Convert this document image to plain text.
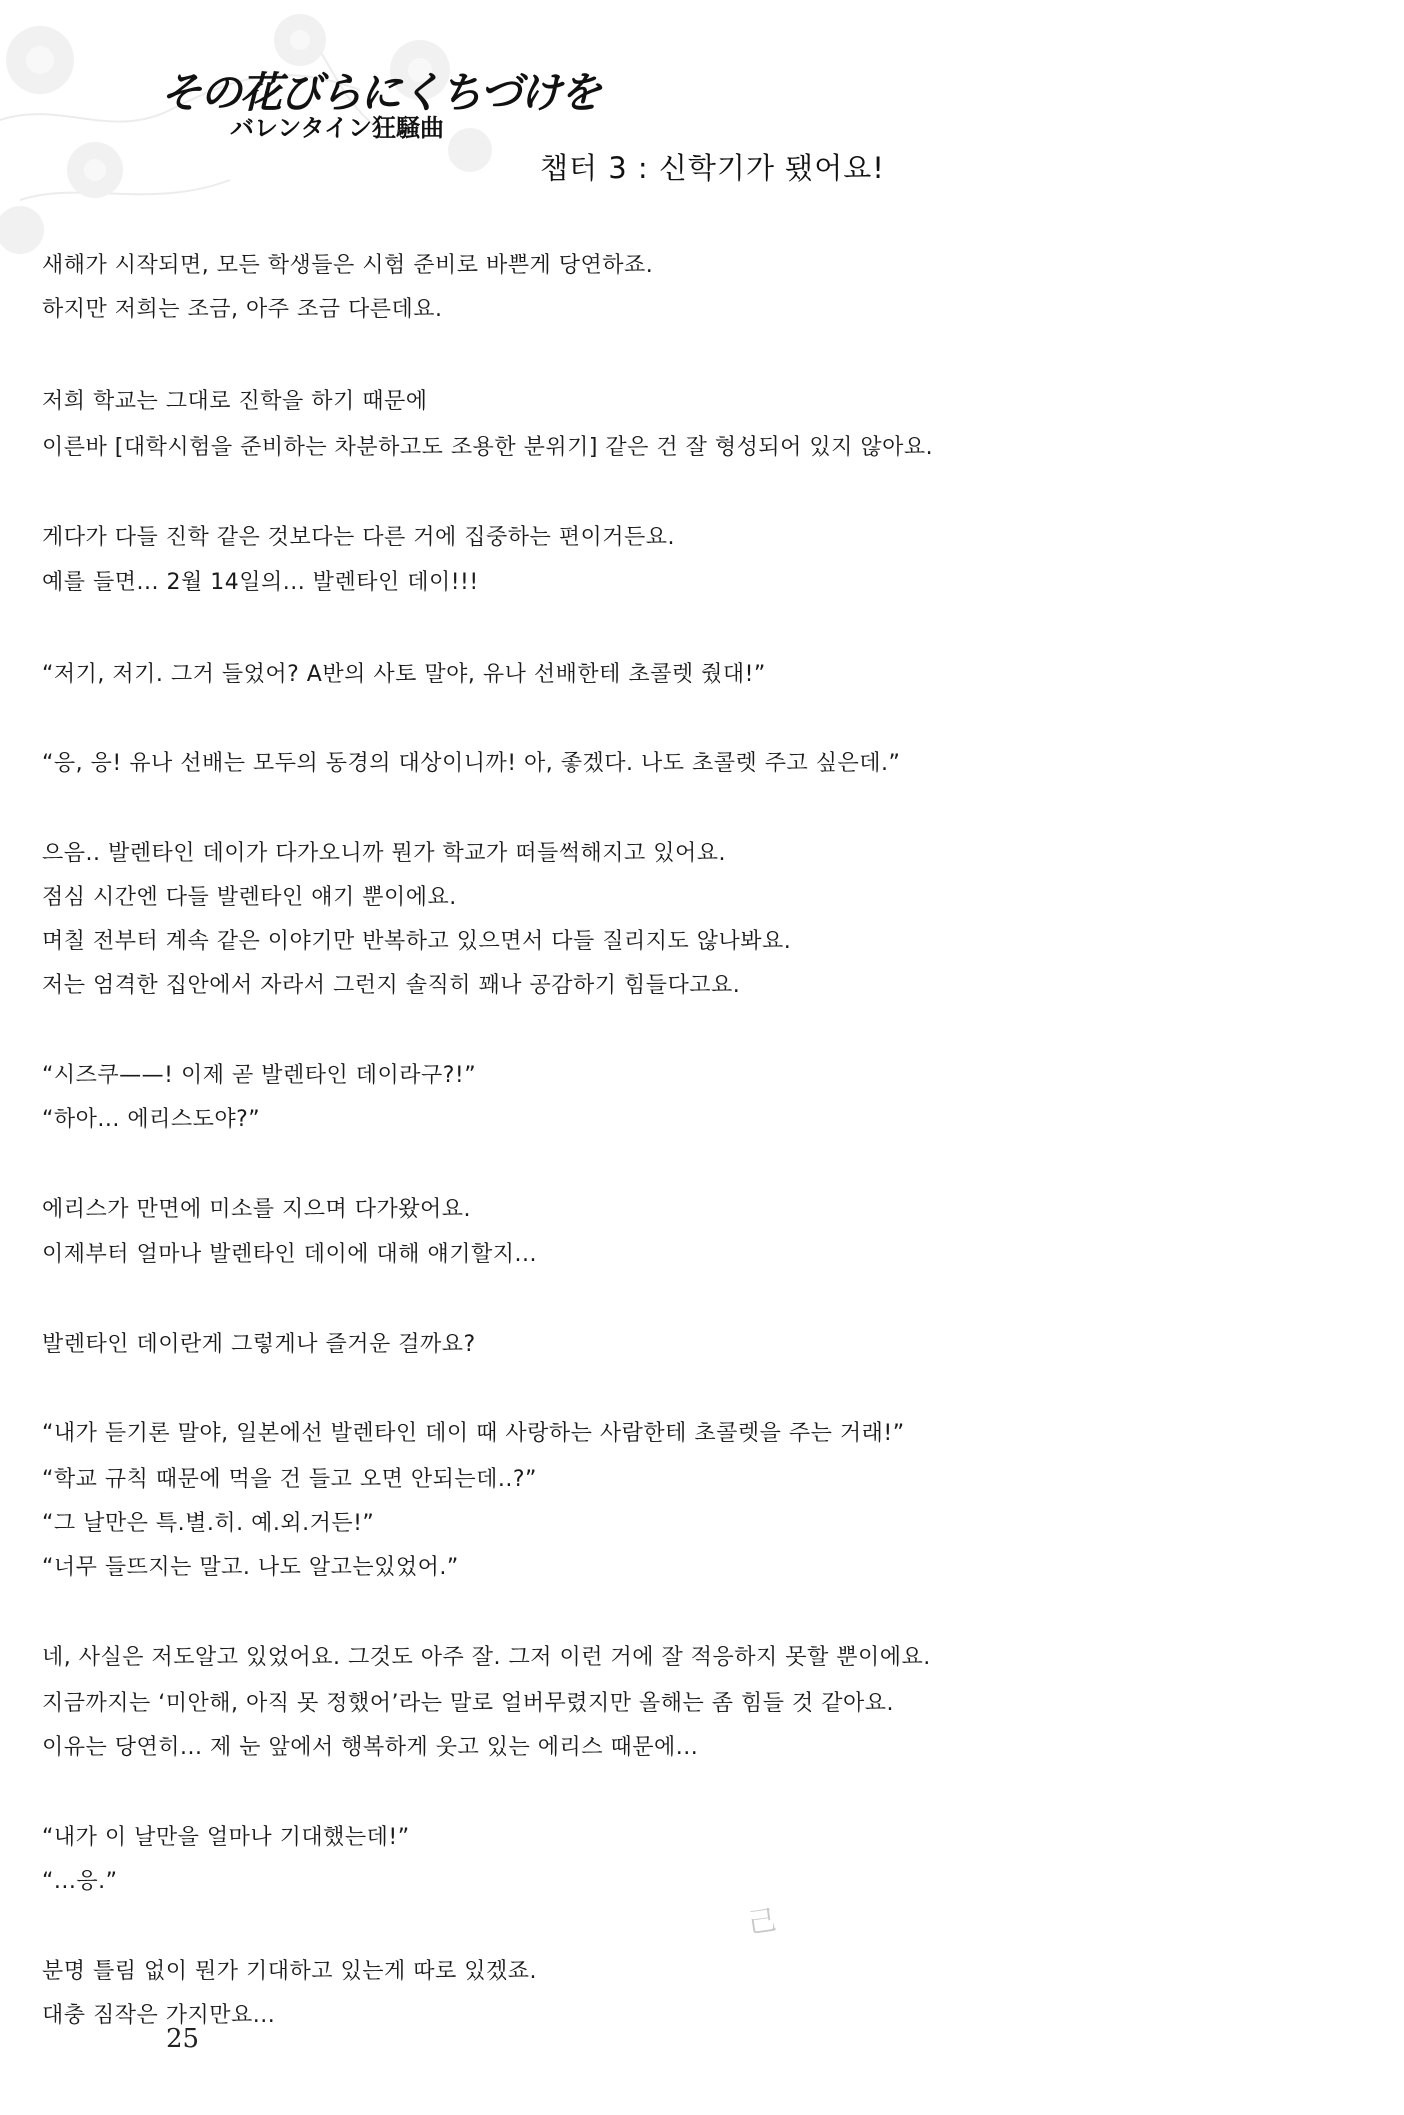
その花びらにくちづけを
バレンタイン狂騒曲
챕터 3 : 신학기가 됐어요!
새해가 시작되면, 모든 학생들은 시험 준비로 바쁜게 당연하죠.
하지만 저희는 조금, 아주 조금 다른데요.
저희 학교는 그대로 진학을 하기 때문에
이른바 [대학시험을 준비하는 차분하고도 조용한 분위기] 같은 건 잘 형성되어 있지 않아요.
게다가 다들 진학 같은 것보다는 다른 거에 집중하는 편이거든요.
예를 들면... 2월 14일의... 발렌타인 데이!!!
“저기, 저기. 그거 들었어? A반의 사토 말야, 유나 선배한테 초콜렛 줬대!”
“응, 응! 유나 선배는 모두의 동경의 대상이니까! 아, 좋겠다. 나도 초콜렛 주고 싶은데.”
으음.. 발렌타인 데이가 다가오니까 뭔가 학교가 떠들썩해지고 있어요.
점심 시간엔 다들 발렌타인 얘기 뿐이에요.
며칠 전부터 계속 같은 이야기만 반복하고 있으면서 다들 질리지도 않나봐요.
저는 엄격한 집안에서 자라서 그런지 솔직히 꽤나 공감하기 힘들다고요.
“시즈쿠——! 이제 곧 발렌타인 데이라구?!”
“하아... 에리스도야?”
에리스가 만면에 미소를 지으며 다가왔어요.
이제부터 얼마나 발렌타인 데이에 대해 얘기할지...
발렌타인 데이란게 그렇게나 즐거운 걸까요?
“내가 듣기론 말야, 일본에선 발렌타인 데이 때 사랑하는 사람한테 초콜렛을 주는 거래!”
“학교 규칙 때문에 먹을 건 들고 오면 안되는데..?”
“그 날만은 특.별.히. 예.외.거든!”
“너무 들뜨지는 말고. 나도 알고는있었어.”
네, 사실은 저도알고 있었어요. 그것도 아주 잘. 그저 이런 거에 잘 적응하지 못할 뿐이에요.
지금까지는 ‘미안해, 아직 못 정했어’라는 말로 얼버무렸지만 올해는 좀 힘들 것 같아요.
이유는 당연히... 제 눈 앞에서 행복하게 웃고 있는 에리스 때문에...
“내가 이 날만을 얼마나 기대했는데!”
“...응.”
분명 틀림 없이 뭔가 기대하고 있는게 따로 있겠죠.
대충 짐작은 가지만요...
己
25
